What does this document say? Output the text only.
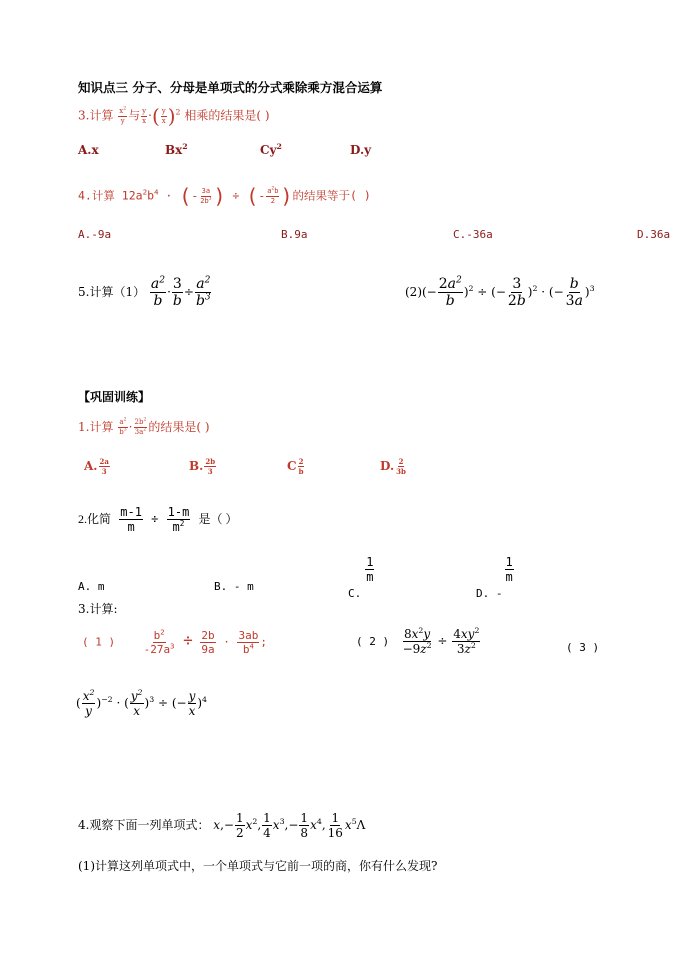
知识点三 分子、分母是单项式的分式乘除乘方混合运算
3.计算 $\frac{x^2}{y}$ 与 $\frac{y}{x}$ ·( $\frac{y}{x} )^2$ 相乘的结果是( )
A.x	Bx$^2$	Cy$^2$	D.y
4.计算 $12a^2b^4$ · (- $\frac{3a}{2b^3}$ ) ÷ (- $\frac{a^2b}{2}$ )的结果等于( )
A.-9a	B.9a	C.-36a	D.36a
5.计算$(1) \frac{a^2}{b} \cdot \frac{3}{b} \div \frac{a^2}{b^3}$	$(2)(- \frac{2a^2}{b} )^2$ ÷ (− $\frac{3}{2b} )^2$ · (− $\frac{b}{3a} )^3$
【巩固训练】
1.计算 $\frac{a^2}{b^3} \cdot \frac{2b^2}{3a^2}$ 的结果是( )
A. $\frac{2a}{3}$	B. $\frac{2b}{3}$	C $\frac{2}{b}$	D. $\frac{2}{3b}$
2.化简 $\frac{m-1}{m} \div \frac{1-m}{m^2}$ 是（ ）
A. m	B. - m	C.
$\frac{1}{m}$
D. -
$\frac{1}{m}$
3.计算:
( 1 )	$\frac{b^2}{-27a^3} \div \frac{2b}{9a} \cdot \frac{3ab}{b^4}$ ;	( 2 ) $\frac{8x^2y}{-9z^2} \div \frac{4xy^2}{3z^2}$	( 3 )
( $\frac{x^2}{y} )^{-2}$ · ( $\frac{y^2}{x} )^3$ ÷ (− $\frac{y}{x} )^4$
4.观察下面一列单项式： $x,- \frac{1}{2} x^2$, $\frac{1}{4} x^3,- \frac{1}{8} x^4$, $\frac{1}{16} x^5\Lambda$
(1)计算这列单项式中，一个单项式与它前一项的商，你有什么发现?
